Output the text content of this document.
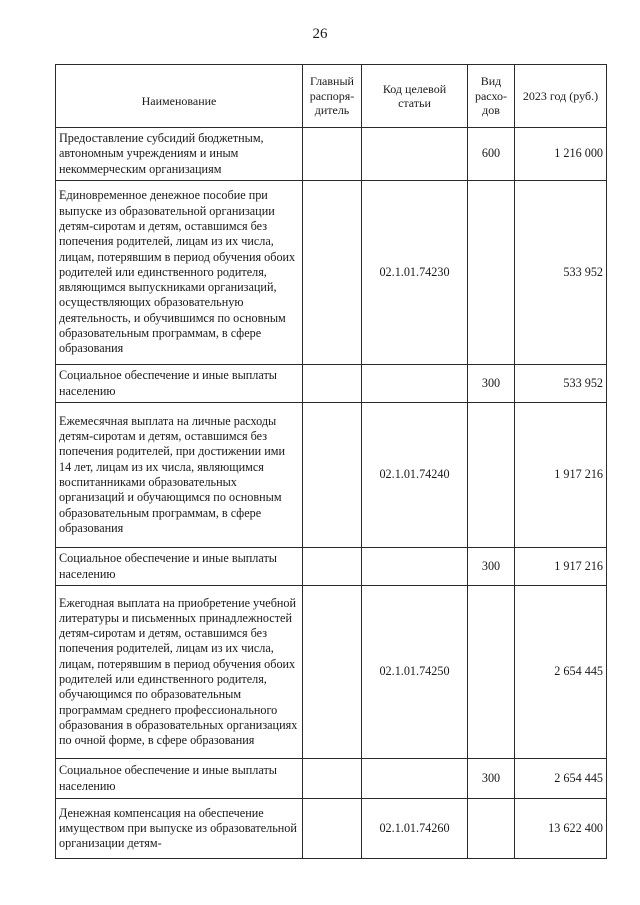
26
Наименование	Главный распоря-дитель	Код целевой статьи	Вид расхо-дов	2023 год (руб.)
Предоставление субсидий бюджетным, автономным учреждениям и иным некоммерческим организациям			600	1 216 000
Единовременное денежное пособие при выпуске из образовательной организации детям-сиротам и детям, оставшимся без попечения родителей, лицам из их числа, лицам, потерявшим в период обучения обоих родителей или единственного родителя, являющимся выпускниками организаций, осуществляющих образовательную деятельность, и обучившимся по основным образовательным программам, в сфере образования		02.1.01.74230		533 952
Социальное обеспечение и иные выплаты населению			300	533 952
Ежемесячная выплата на личные расходы детям-сиротам и детям, оставшимся без попечения родителей, при достижении ими 14 лет, лицам из их числа, являющимся воспитанниками образовательных организаций и обучающимся по основным образовательным программам, в сфере образования		02.1.01.74240		1 917 216
Социальное обеспечение и иные выплаты населению			300	1 917 216
Ежегодная выплата на приобретение учебной литературы и письменных принадлежностей детям-сиротам и детям, оставшимся без попечения родителей, лицам из их числа, лицам, потерявшим в период обучения обоих родителей или единственного родителя, обучающимся по образовательным программам среднего профессионального образования в образовательных организациях по очной форме, в сфере образования		02.1.01.74250		2 654 445
Социальное обеспечение и иные выплаты населению			300	2 654 445
Денежная компенсация на обеспечение имуществом при выпуске из образовательной организации детям-		02.1.01.74260		13 622 400
